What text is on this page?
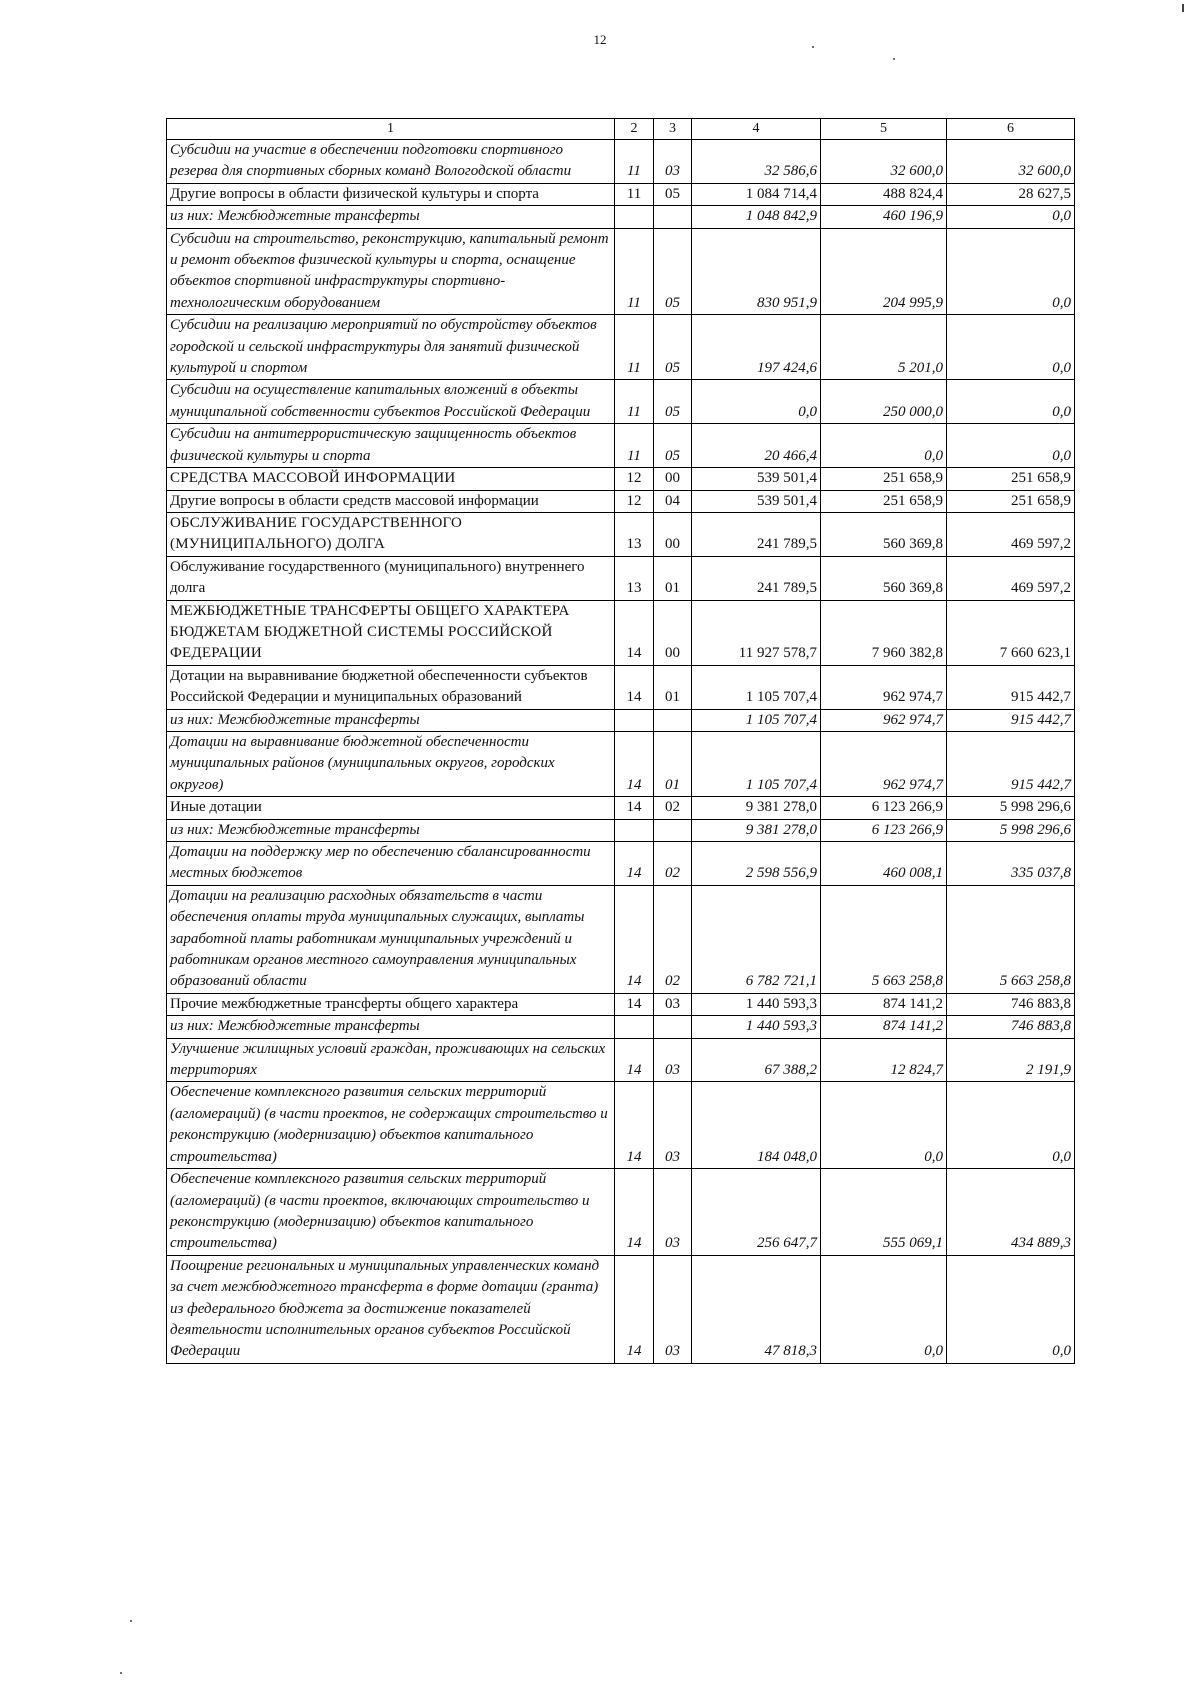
12
1	2	3	4	5	6
Субсидии на участие в обеспечении подготовки спортивного резерва для спортивных сборных команд Вологодской области	11	03	32 586,6	32 600,0	32 600,0
Другие вопросы в области физической культуры и спорта	11	05	1 084 714,4	488 824,4	28 627,5
из них: Межбюджетные трансферты			1 048 842,9	460 196,9	0,0
Субсидии на строительство, реконструкцию, капитальный ремонт и ремонт объектов физической культуры и спорта, оснащение объектов спортивной инфраструктуры спортивно-технологическим оборудованием	11	05	830 951,9	204 995,9	0,0
Субсидии на реализацию мероприятий по обустройству объектов городской и сельской инфраструктуры для занятий физической культурой и спортом	11	05	197 424,6	5 201,0	0,0
Субсидии на осуществление капитальных вложений в объекты муниципальной собственности субъектов Российской Федерации	11	05	0,0	250 000,0	0,0
Субсидии на антитеррористическую защищенность объектов физической культуры и спорта	11	05	20 466,4	0,0	0,0
СРЕДСТВА МАССОВОЙ ИНФОРМАЦИИ	12	00	539 501,4	251 658,9	251 658,9
Другие вопросы в области средств массовой информации	12	04	539 501,4	251 658,9	251 658,9
ОБСЛУЖИВАНИЕ ГОСУДАРСТВЕННОГО (МУНИЦИПАЛЬНОГО) ДОЛГА	13	00	241 789,5	560 369,8	469 597,2
Обслуживание государственного (муниципального) внутреннего долга	13	01	241 789,5	560 369,8	469 597,2
МЕЖБЮДЖЕТНЫЕ ТРАНСФЕРТЫ ОБЩЕГО ХАРАКТЕРА БЮДЖЕТАМ БЮДЖЕТНОЙ СИСТЕМЫ РОССИЙСКОЙ ФЕДЕРАЦИИ	14	00	11 927 578,7	7 960 382,8	7 660 623,1
Дотации на выравнивание бюджетной обеспеченности субъектов Российской Федерации и муниципальных образований	14	01	1 105 707,4	962 974,7	915 442,7
из них: Межбюджетные трансферты			1 105 707,4	962 974,7	915 442,7
Дотации на выравнивание бюджетной обеспеченности муниципальных районов (муниципальных округов, городских округов)	14	01	1 105 707,4	962 974,7	915 442,7
Иные дотации	14	02	9 381 278,0	6 123 266,9	5 998 296,6
из них: Межбюджетные трансферты			9 381 278,0	6 123 266,9	5 998 296,6
Дотации на поддержку мер по обеспечению сбалансированности местных бюджетов	14	02	2 598 556,9	460 008,1	335 037,8
Дотации на реализацию расходных обязательств в части обеспечения оплаты труда муниципальных служащих, выплаты заработной платы работникам муниципальных учреждений и работникам органов местного самоуправления муниципальных образований области	14	02	6 782 721,1	5 663 258,8	5 663 258,8
Прочие межбюджетные трансферты общего характера	14	03	1 440 593,3	874 141,2	746 883,8
из них: Межбюджетные трансферты			1 440 593,3	874 141,2	746 883,8
Улучшение жилищных условий граждан, проживающих на сельских территориях	14	03	67 388,2	12 824,7	2 191,9
Обеспечение комплексного развития сельских территорий (агломераций) (в части проектов, не содержащих строительство и реконструкцию (модернизацию) объектов капитального строительства)	14	03	184 048,0	0,0	0,0
Обеспечение комплексного развития сельских территорий (агломераций) (в части проектов, включающих строительство и реконструкцию (модернизацию) объектов капитального строительства)	14	03	256 647,7	555 069,1	434 889,3
Поощрение региональных и муниципальных управленческих команд за счет межбюджетного трансферта в форме дотации (гранта) из федерального бюджета за достижение показателей деятельности исполнительных органов субъектов Российской Федерации	14	03	47 818,3	0,0	0,0
